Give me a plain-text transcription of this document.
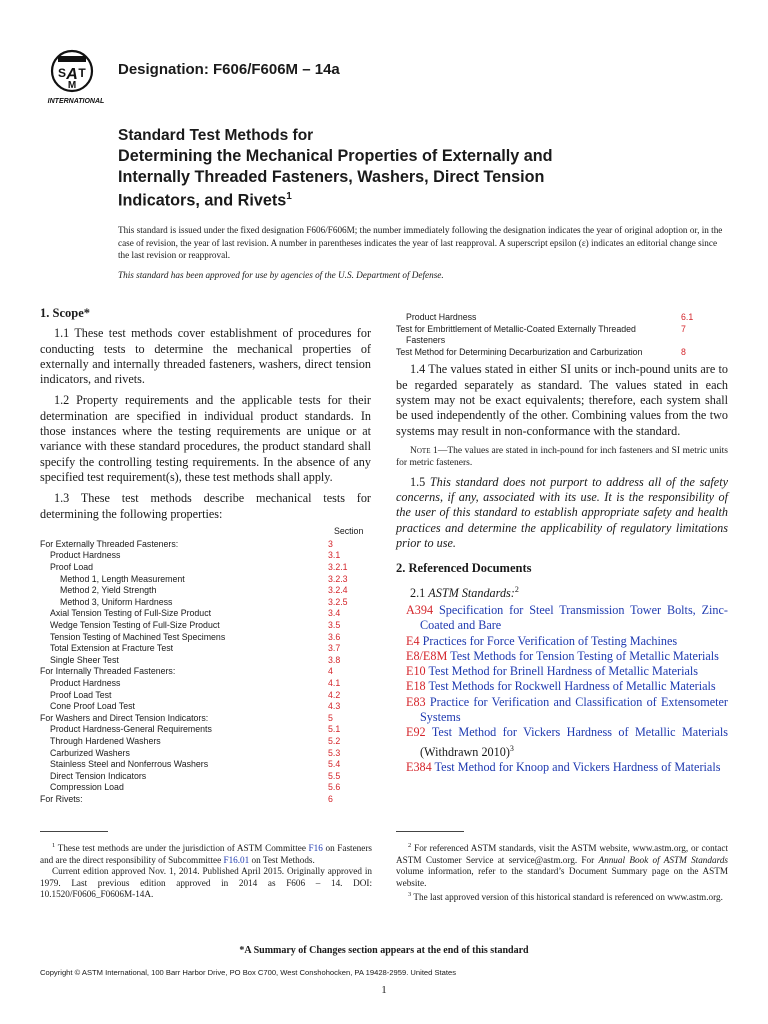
A
S T
M
INTERNATIONAL
Designation: F606/F606M – 14a
Standard Test Methods for
Determining the Mechanical Properties of Externally and
Internally Threaded Fasteners, Washers, Direct Tension
Indicators, and Rivets$^1$
This standard is issued under the fixed designation F606/F606M; the number immediately following the designation indicates the year of original adoption or, in the case of revision, the year of last revision. A number in parentheses indicates the year of last reapproval. A superscript epsilon (ε) indicates an editorial change since the last revision or reapproval.
This standard has been approved for use by agencies of the U.S. Department of Defense.

1. Scope*

1.1 These test methods cover establishment of procedures for conducting tests to determine the mechanical properties of externally and internally threaded fasteners, washers, direct tension indicators, and rivets.

1.2 Property requirements and the applicable tests for their determination are specified in individual product standards. In those instances where the testing requirements are unique or at variance with these standard procedures, the product standard shall specify the controlling testing requirements. In the absence of any specified test requirement(s), these test methods shall apply.

1.3 These test methods describe mechanical tests for determining the following properties:

Section
For Externally Threaded Fasteners:	3
Product Hardness	3.1
Proof Load	3.2.1
Method 1, Length Measurement	3.2.3
Method 2, Yield Strength	3.2.4
Method 3, Uniform Hardness	3.2.5
Axial Tension Testing of Full-Size Product	3.4
Wedge Tension Testing of Full-Size Product	3.5
Tension Testing of Machined Test Specimens	3.6
Total Extension at Fracture Test	3.7
Single Sheer Test	3.8
For Internally Threaded Fasteners:	4
Product Hardness	4.1
Proof Load Test	4.2
Cone Proof Load Test	4.3
For Washers and Direct Tension Indicators:	5
Product Hardness-General Requirements	5.1
Through Hardened Washers	5.2
Carburized Washers	5.3
Stainless Steel and Nonferrous Washers	5.4
Direct Tension Indicators	5.5
Compression Load	5.6
For Rivets:	6
Product Hardness	6.1
Test for Embrittlement of Metallic-Coated Externally Threaded	7
Fasteners
Test Method for Determining Decarburization and Carburization	8

1.4 The values stated in either SI units or inch-pound units are to be regarded separately as standard. The values stated in each system may not be exact equivalents; therefore, each system shall be used independently of the other. Combining values from the two systems may result in non-conformance with the standard.

Note 1—The values are stated in inch-pound for inch fasteners and SI metric units for metric fasteners.

1.5 This standard does not purport to address all of the safety concerns, if any, associated with its use. It is the responsibility of the user of this standard to establish appropriate safety and health practices and determine the applicability of regulatory limitations prior to use.

2. Referenced Documents

2.1 ASTM Standards:$^2$

A394 Specification for Steel Transmission Tower Bolts, Zinc-Coated and Bare

E4 Practices for Force Verification of Testing Machines

E8/E8M Test Methods for Tension Testing of Metallic Materials

E10 Test Method for Brinell Hardness of Metallic Materials

E18 Test Methods for Rockwell Hardness of Metallic Materials

E83 Practice for Verification and Classification of Extensometer Systems

E92 Test Method for Vickers Hardness of Metallic Materials (Withdrawn 2010)$^3$

E384 Test Method for Knoop and Vickers Hardness of Materials

$^1$ These test methods are under the jurisdiction of ASTM Committee F16 on Fasteners and are the direct responsibility of Subcommittee F16.01 on Test Methods.
Current edition approved Nov. 1, 2014. Published April 2015. Originally approved in 1979. Last previous edition approved in 2014 as F606 – 14. DOI: 10.1520/F0606_F0606M-14A.
$^2$ For referenced ASTM standards, visit the ASTM website, www.astm.org, or contact ASTM Customer Service at service@astm.org. For Annual Book of ASTM Standards volume information, refer to the standard’s Document Summary page on the ASTM website.
$^3$ The last approved version of this historical standard is referenced on www.astm.org.
*A Summary of Changes section appears at the end of this standard
Copyright © ASTM International, 100 Barr Harbor Drive, PO Box C700, West Conshohocken, PA 19428-2959. United States
1
